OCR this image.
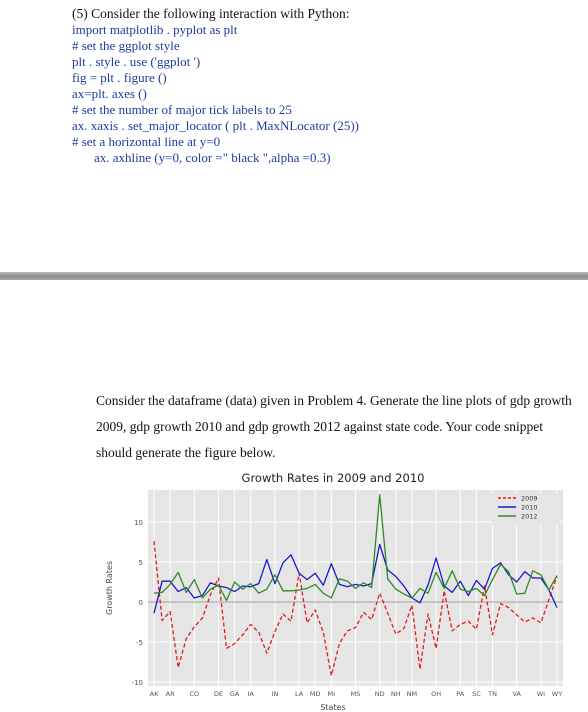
(5) Consider the following interaction with Python:
import matplotlib . pyplot as plt
# set the ggplot style
plt . style . use ('ggplot ')
fig = plt . figure ()
ax=plt. axes ()
# set the number of major tick labels to 25
ax. xaxis . set_major_locator ( plt . MaxNLocator (25))
# set a horizontal line at y=0
ax. axhline (y=0, color =" black ",alpha =0.3)
Consider the dataframe (data) given in Problem 4. Generate the line plots of gdp growth
2009, gdp growth 2010 and gdp growth 2012 against state code. Your code snippet
should generate the figure below.
Growth Rates in 2009 and 2010
-10
-5
0
5
10
AK AR CO DE GA IA	IN	LA MD MI MS ND NH NM OH PA SC TN VA WI WY
2009
2010
2012
States
Growth Rates
